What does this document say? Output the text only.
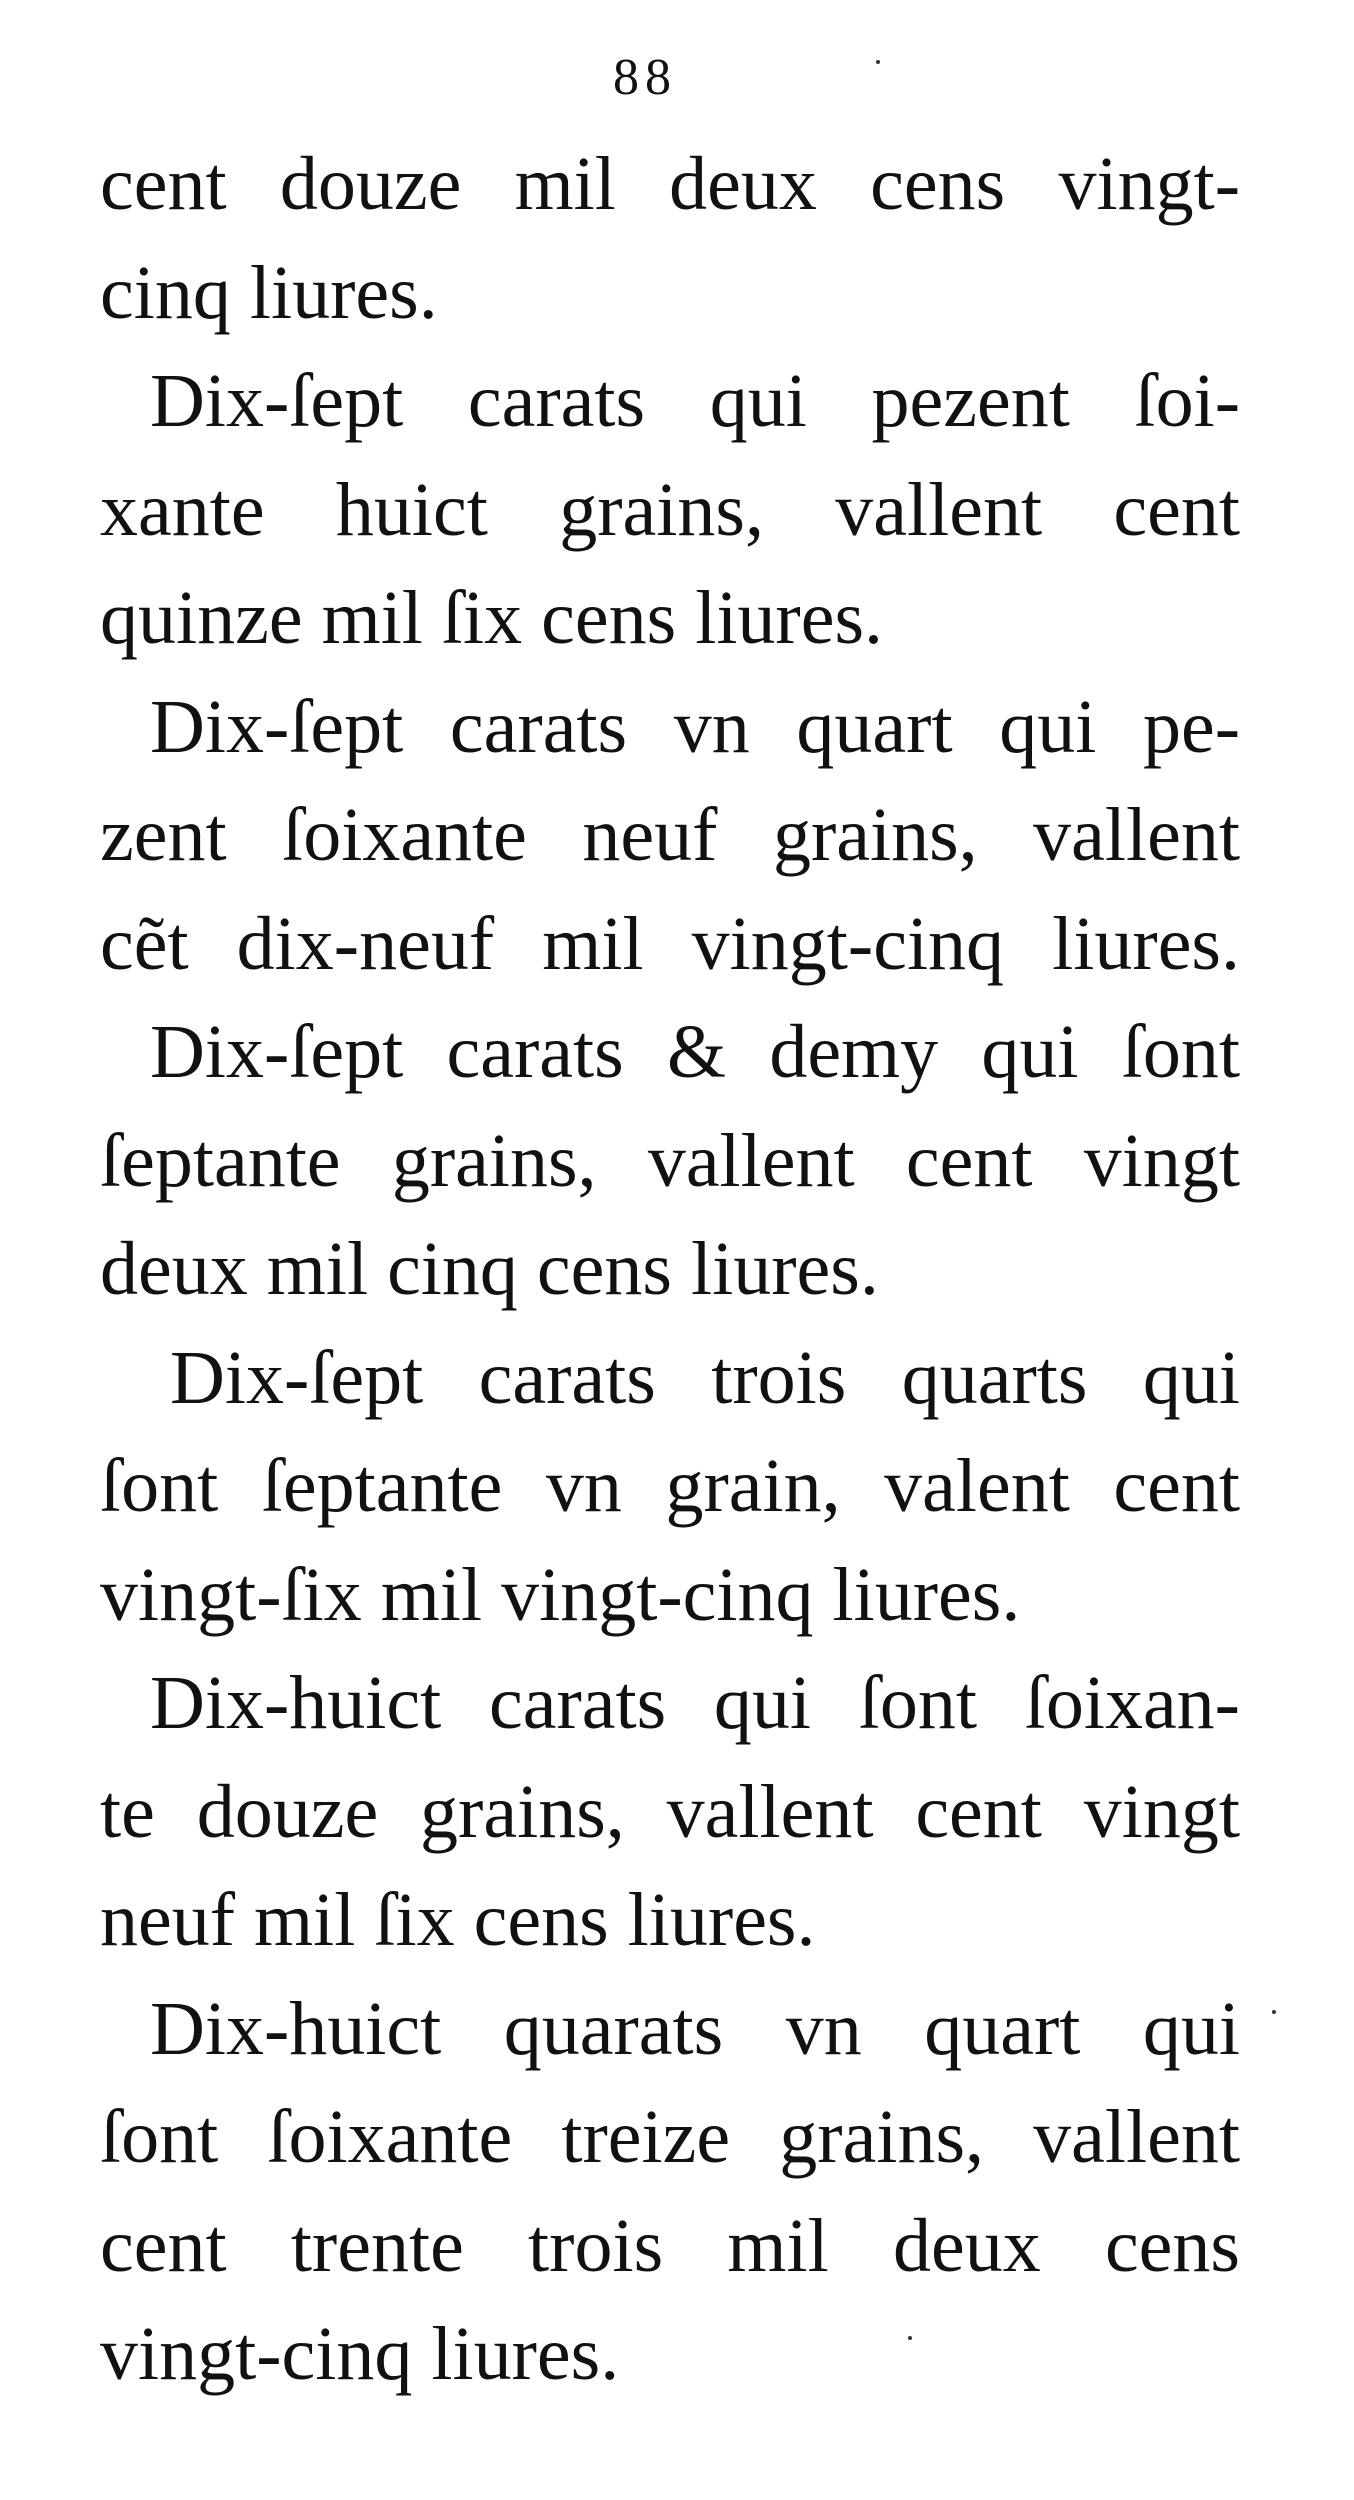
88
cent douze mil deux cens vingt-
cinq liures.
Dix-ſept carats qui pezent ſoi-
xante huict grains, vallent cent
quinze mil ſix cens liures.
Dix-ſept carats vn quart qui pe-
zent ſoixante neuf grains, vallent
cẽt dix-neuf mil vingt-cinq liures.
Dix-ſept carats & demy qui ſont
ſeptante grains, vallent cent vingt
deux mil cinq cens liures.
Dix-ſept carats trois quarts qui
ſont ſeptante vn grain, valent cent
vingt-ſix mil vingt-cinq liures.
Dix-huict carats qui ſont ſoixan-
te douze grains, vallent cent vingt
neuf mil ſix cens liures.
Dix-huict quarats vn quart qui
ſont ſoixante treize grains, vallent
cent trente trois mil deux cens
vingt-cinq liures.
